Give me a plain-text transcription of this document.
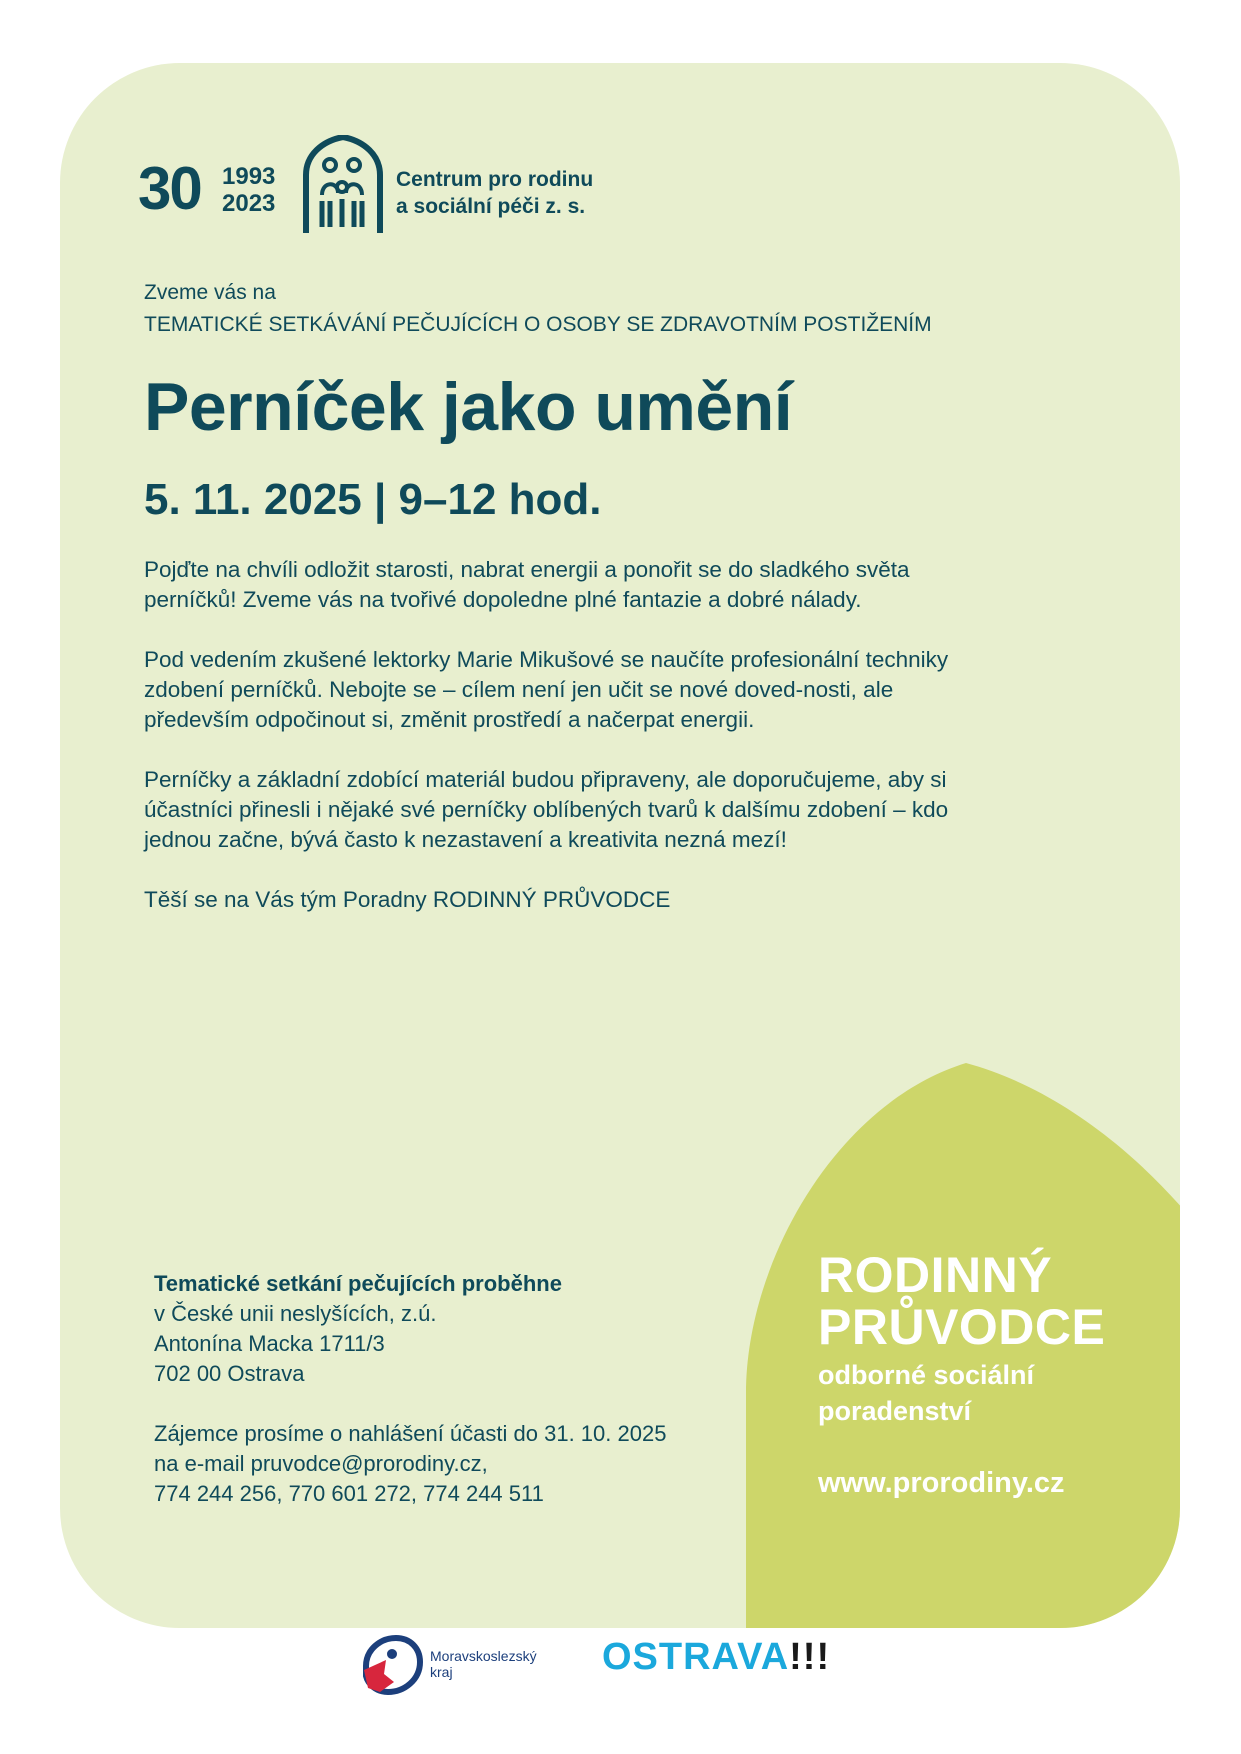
30 1993
2023
Centrum pro rodinu
a sociální péči z. s.
Zveme vás na
TEMATICKÉ SETKÁVÁNÍ PEČUJÍCÍCH O OSOBY SE ZDRAVOTNÍM POSTIŽENÍM
Perníček jako umění
5. 11. 2025 | 9–12 hod.

Pojďte na chvíli odložit starosti, nabrat energii a ponořit se do sladkého světa perníčků! Zveme vás na tvořivé dopoledne plné fantazie a dobré nálady.

Pod vedením zkušené lektorky Marie Mikušové se naučíte profesionální techniky zdobení perníčků. Nebojte se – cílem není jen učit se nové doved-nosti, ale především odpočinout si, změnit prostředí a načerpat energii.

Perníčky a základní zdobící materiál budou připraveny, ale doporučujeme, aby si účastníci přinesli i nějaké své perníčky oblíbených tvarů k dalšímu zdobení – kdo jednou začne, bývá často k nezastavení a kreativita nezná mezí!

Těší se na Vás tým Poradny RODINNÝ PRŮVODCE

Tematické setkání pečujících proběhne
v České unii neslyšících, z.ú.
Antonína Macka 1711/3
702 00 Ostrava
Zájemce prosíme o nahlášení účasti do 31. 10. 2025
na e-mail pruvodce@prorodiny.cz,
774 244 256, 770 601 272, 774 244 511
RODINNÝ
PRŮVODCE
odborné sociální
poradenství
www.prorodiny.cz
Moravskoslezský
kraj	OSTRAVA!!!
